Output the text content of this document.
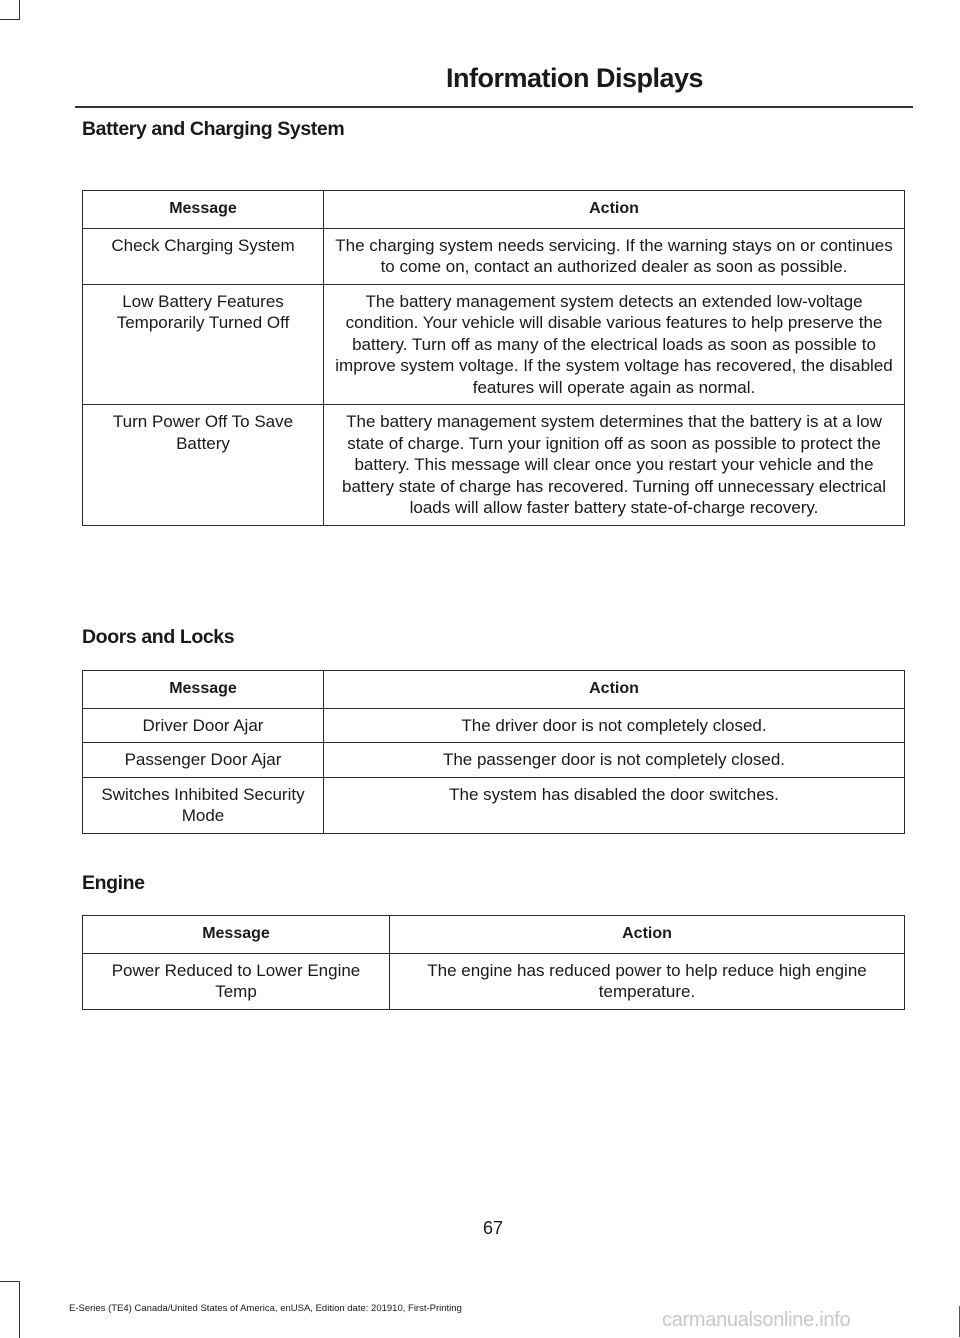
Information Displays
Battery and Charging System
Message	Action
Check Charging System	The charging system needs servicing. If the warning stays on or continues to come on, contact an authorized dealer as soon as possible.
Low Battery Features Temporarily Turned Off	The battery management system detects an extended low-voltage condition. Your vehicle will disable various features to help preserve the battery. Turn off as many of the electrical loads as soon as possible to improve system voltage. If the system voltage has recovered, the disabled features will operate again as normal.
Turn Power Off To Save Battery	The battery management system determines that the battery is at a low state of charge. Turn your ignition off as soon as possible to protect the battery. This message will clear once you restart your vehicle and the battery state of charge has recovered. Turning off unnecessary electrical loads will allow faster battery state-of-charge recovery.
Doors and Locks
Message	Action
Driver Door Ajar	The driver door is not completely closed.
Passenger Door Ajar	The passenger door is not completely closed.
Switches Inhibited Security Mode	The system has disabled the door switches.
Engine
Message	Action
Power Reduced to Lower Engine Temp	The engine has reduced power to help reduce high engine temperature.
67
E-Series (TE4) Canada/United States of America, enUSA, Edition date: 201910, First-Printing
carmanualsonline.info
